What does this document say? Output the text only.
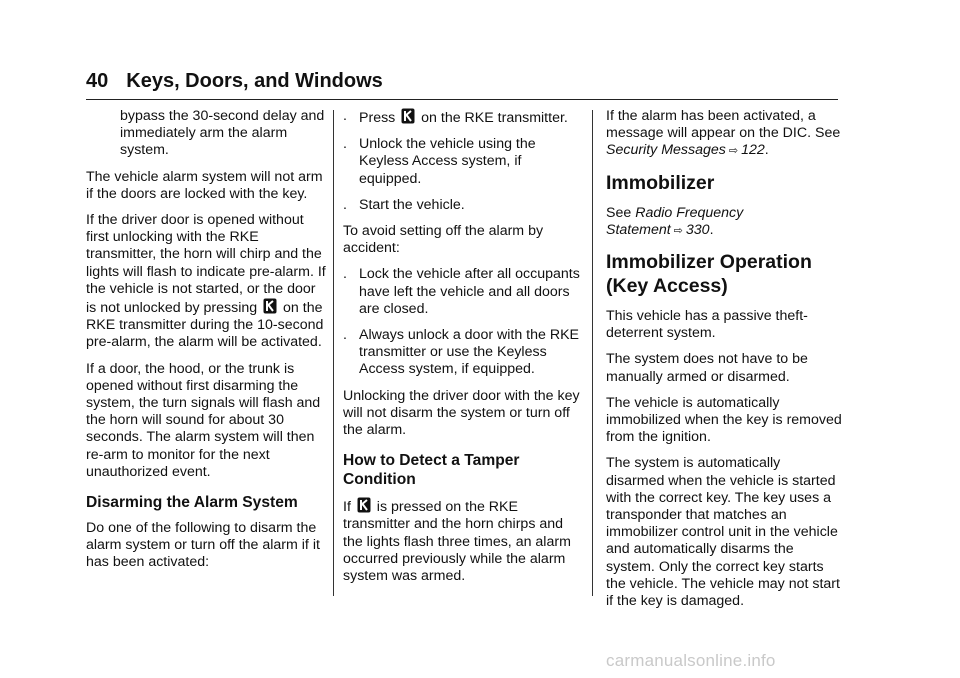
40 Keys, Doors, and Windows

bypass the 30-second delay and immediately arm the alarm system.

The vehicle alarm system will not arm if the doors are locked with the key.

If the driver door is opened without first unlocking with the RKE transmitter, the horn will chirp and the lights will flash to indicate pre-alarm. If the vehicle is not started, or the door is not unlocked by pressing on the RKE transmitter during the 10-second pre-alarm, the alarm will be activated.

If a door, the hood, or the trunk is opened without first disarming the system, the turn signals will flash and the horn will sound for about 30 seconds. The alarm system will then re-arm to monitor for the next unauthorized event.

Disarming the Alarm System

Do one of the following to disarm the alarm system or turn off the alarm if it has been activated:

. Press on the RKE transmitter.
. Unlock the vehicle using the Keyless Access system, if equipped.
. Start the vehicle.

To avoid setting off the alarm by accident:

. Lock the vehicle after all occupants have left the vehicle and all doors are closed.
. Always unlock a door with the RKE transmitter or use the Keyless Access system, if equipped.

Unlocking the driver door with the key will not disarm the system or turn off the alarm.

How to Detect a Tamper Condition

If is pressed on the RKE transmitter and the horn chirps and the lights flash three times, an alarm occurred previously while the alarm system was armed.

If the alarm has been activated, a message will appear on the DIC. See Security Messages ⇨ 122.

Immobilizer

See Radio Frequency Statement ⇨ 330.

Immobilizer Operation (Key Access)

This vehicle has a passive theft-deterrent system.

The system does not have to be manually armed or disarmed.

The vehicle is automatically immobilized when the key is removed from the ignition.

The system is automatically disarmed when the vehicle is started with the correct key. The key uses a transponder that matches an immobilizer control unit in the vehicle and automatically disarms the system. Only the correct key starts the vehicle. The vehicle may not start if the key is damaged.

carmanualsonline.info
